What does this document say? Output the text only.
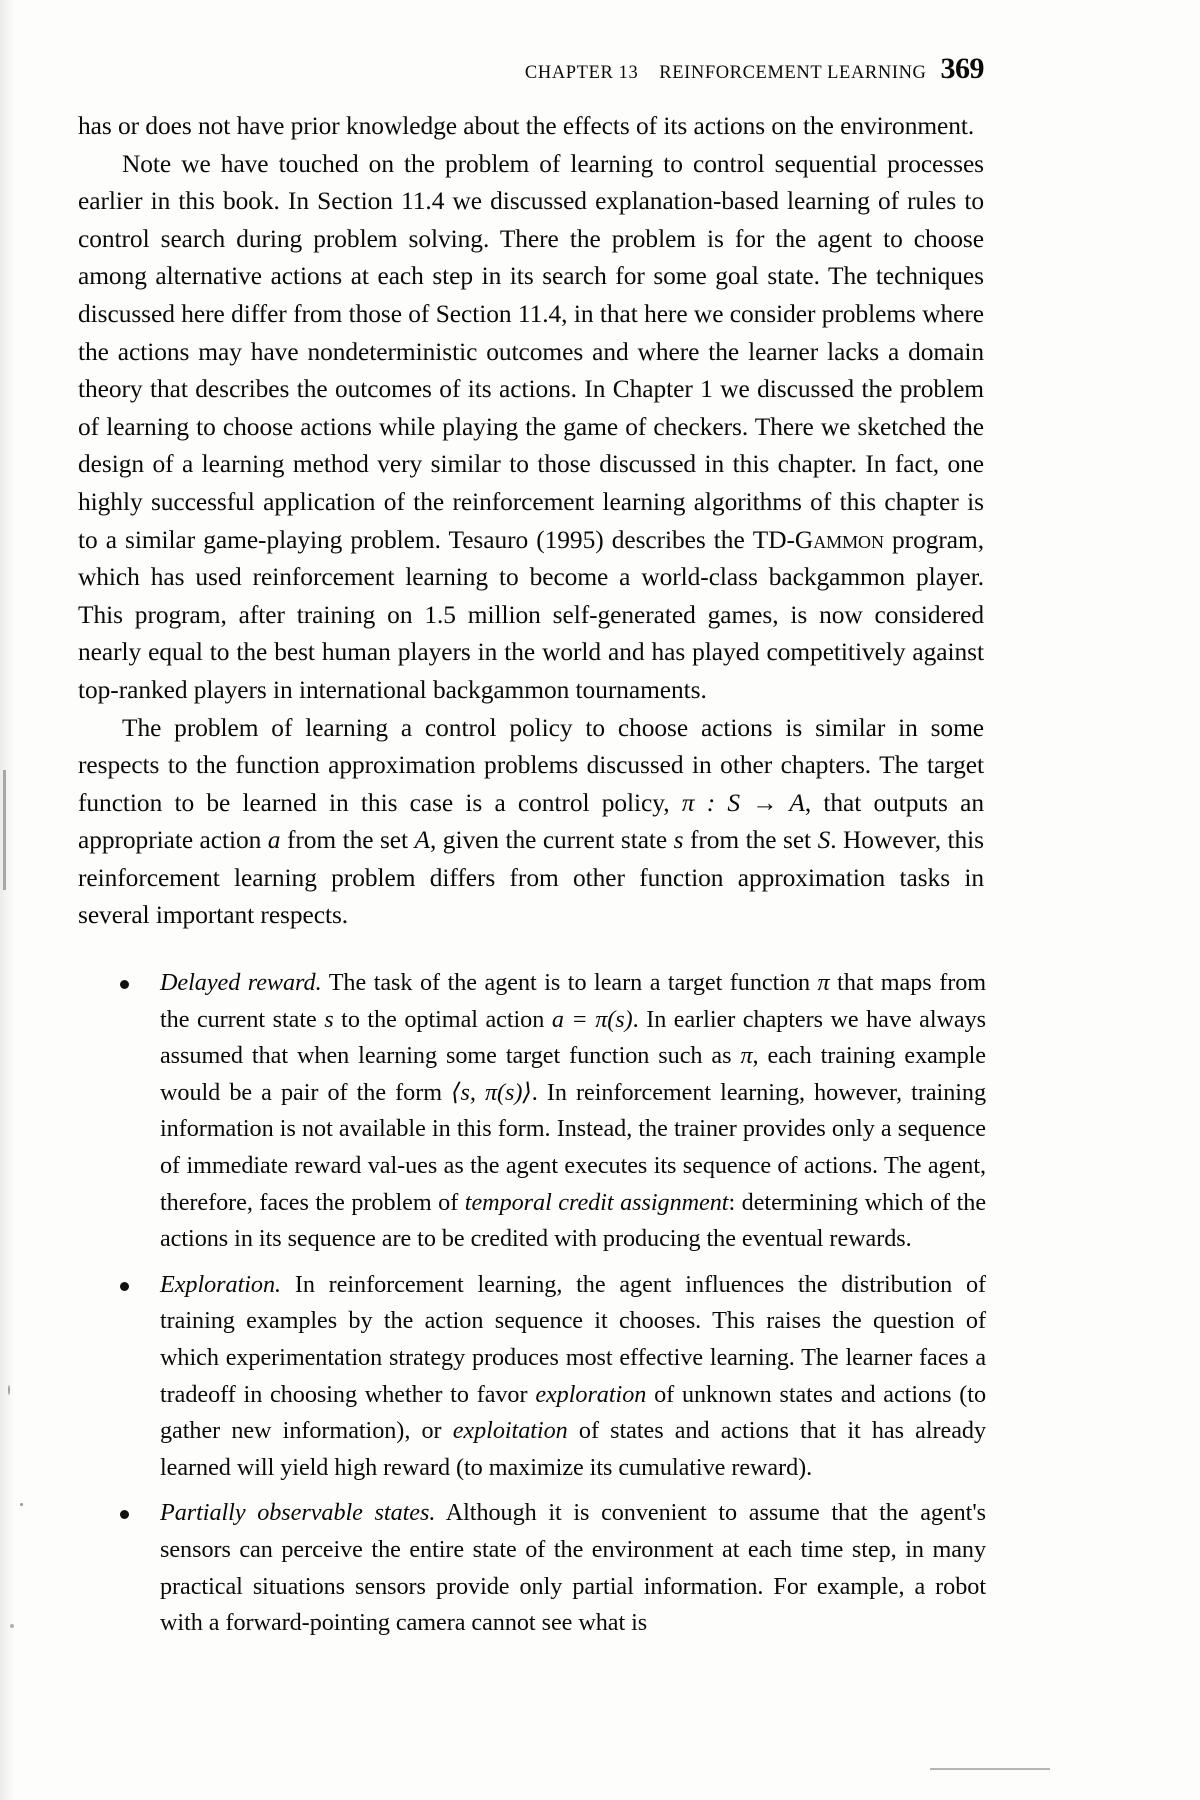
CHAPTER 13 REINFORCEMENT LEARNING 369

has or does not have prior knowledge about the effects of its actions on the environment.

Note we have touched on the problem of learning to control sequential processes earlier in this book. In Section 11.4 we discussed explanation-based learning of rules to control search during problem solving. There the problem is for the agent to choose among alternative actions at each step in its search for some goal state. The techniques discussed here differ from those of Section 11.4, in that here we consider problems where the actions may have nondeterministic outcomes and where the learner lacks a domain theory that describes the outcomes of its actions. In Chapter 1 we discussed the problem of learning to choose actions while playing the game of checkers. There we sketched the design of a learning method very similar to those discussed in this chapter. In fact, one highly successful application of the reinforcement learning algorithms of this chapter is to a similar game-playing problem. Tesauro (1995) describes the TD-Gammon program, which has used reinforcement learning to become a world-class backgammon player. This program, after training on 1.5 million self-generated games, is now considered nearly equal to the best human players in the world and has played competitively against top-ranked players in international backgammon tournaments.

The problem of learning a control policy to choose actions is similar in some respects to the function approximation problems discussed in other chapters. The target function to be learned in this case is a control policy, π : S → A, that outputs an appropriate action a from the set A, given the current state s from the set S. However, this reinforcement learning problem differs from other function approximation tasks in several important respects.

Delayed reward. The task of the agent is to learn a target function π that maps from the current state s to the optimal action a = π(s). In earlier chapters we have always assumed that when learning some target function such as π, each training example would be a pair of the form ⟨s, π(s)⟩. In reinforcement learning, however, training information is not available in this form. Instead, the trainer provides only a sequence of immediate reward val-ues as the agent executes its sequence of actions. The agent, therefore, faces the problem of temporal credit assignment: determining which of the actions in its sequence are to be credited with producing the eventual rewards.
Exploration. In reinforcement learning, the agent influences the distribution of training examples by the action sequence it chooses. This raises the question of which experimentation strategy produces most effective learning. The learner faces a tradeoff in choosing whether to favor exploration of unknown states and actions (to gather new information), or exploitation of states and actions that it has already learned will yield high reward (to maximize its cumulative reward).
Partially observable states. Although it is convenient to assume that the agent's sensors can perceive the entire state of the environment at each time step, in many practical situations sensors provide only partial information. For example, a robot with a forward-pointing camera cannot see what is
